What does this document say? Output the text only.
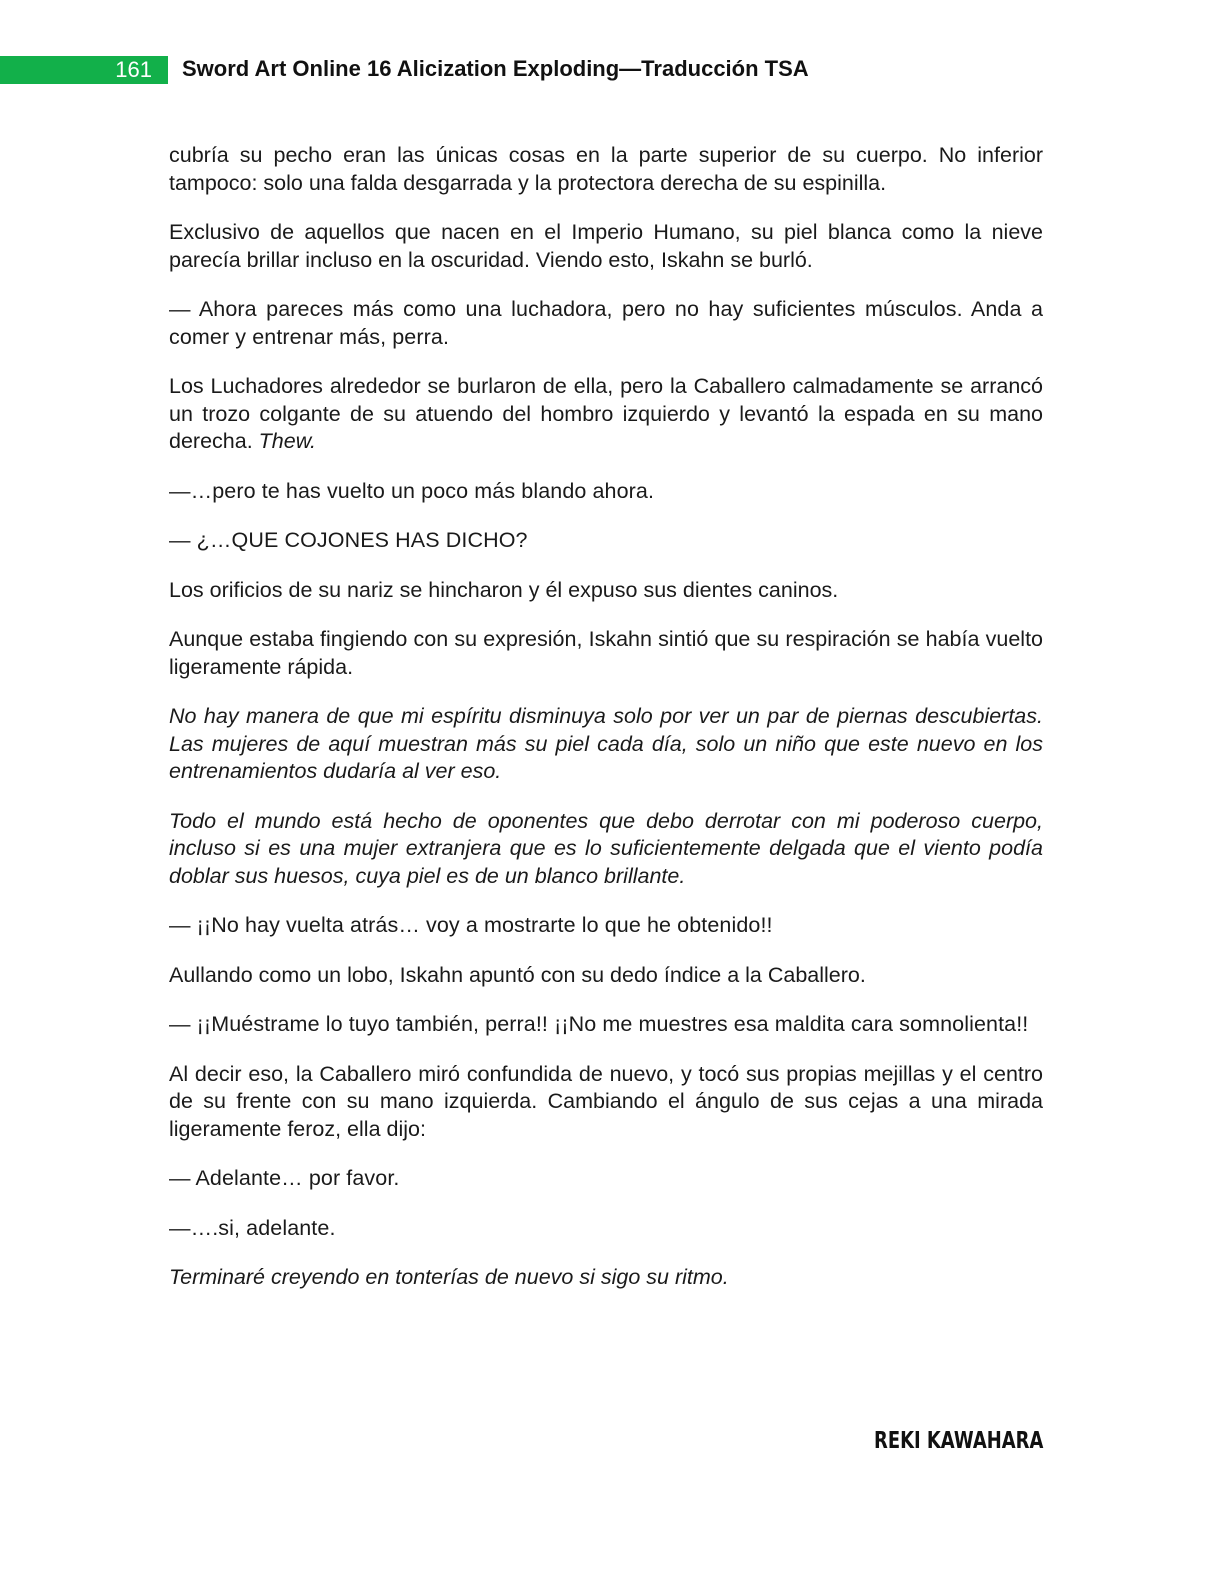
161 Sword Art Online 16 Alicization Exploding—Traducción TSA

cubría su pecho eran las únicas cosas en la parte superior de su cuerpo. No inferior tampoco: solo una falda desgarrada y la protectora derecha de su espinilla.

Exclusivo de aquellos que nacen en el Imperio Humano, su piel blanca como la nieve parecía brillar incluso en la oscuridad. Viendo esto, Iskahn se burló.

— Ahora pareces más como una luchadora, pero no hay suficientes músculos. Anda a comer y entrenar más, perra.

Los Luchadores alrededor se burlaron de ella, pero la Caballero calmadamente se arrancó un trozo colgante de su atuendo del hombro izquierdo y levantó la espada en su mano derecha. Thew.

—…pero te has vuelto un poco más blando ahora.

— ¿…QUE COJONES HAS DICHO?

Los orificios de su nariz se hincharon y él expuso sus dientes caninos.

Aunque estaba fingiendo con su expresión, Iskahn sintió que su respiración se había vuelto ligeramente rápida.

No hay manera de que mi espíritu disminuya solo por ver un par de piernas descubiertas. Las mujeres de aquí muestran más su piel cada día, solo un niño que este nuevo en los entrenamientos dudaría al ver eso.

Todo el mundo está hecho de oponentes que debo derrotar con mi poderoso cuerpo, incluso si es una mujer extranjera que es lo suficientemente delgada que el viento podía doblar sus huesos, cuya piel es de un blanco brillante.

— ¡¡No hay vuelta atrás… voy a mostrarte lo que he obtenido!!

Aullando como un lobo, Iskahn apuntó con su dedo índice a la Caballero.

— ¡¡Muéstrame lo tuyo también, perra!! ¡¡No me muestres esa maldita cara somnolienta!!

Al decir eso, la Caballero miró confundida de nuevo, y tocó sus propias mejillas y el centro de su frente con su mano izquierda. Cambiando el ángulo de sus cejas a una mirada ligeramente feroz, ella dijo:

— Adelante… por favor.

—….si, adelante.

Terminaré creyendo en tonterías de nuevo si sigo su ritmo.

REKI KAWAHARA
